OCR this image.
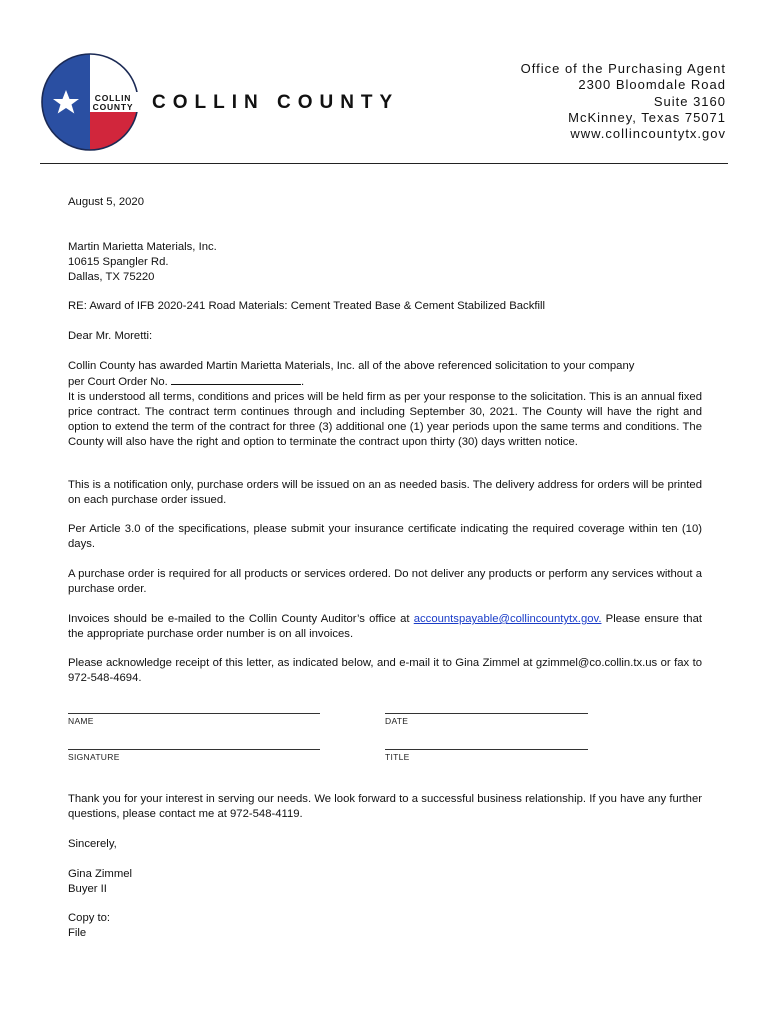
COLLIN
COUNTY COLLIN COUNTY
Office of the Purchasing Agent
2300 Bloomdale Road
Suite 3160
McKinney, Texas 75071
www.collincountytx.gov
August 5, 2020

Martin Marietta Materials, Inc.

10615 Spangler Rd.

Dallas, TX 75220

RE: Award of IFB 2020-241 Road Materials: Cement Treated Base & Cement Stabilized Backfill
Dear Mr. Moretti:

Collin County has awarded Martin Marietta Materials, Inc. all of the above referenced solicitation to your company

per Court Order No.	.

It is understood all terms, conditions and prices will be held firm as per your response to the solicitation. This is an annual fixed price contract. The contract term continues through and including September 30, 2021. The County will have the right and option to extend the term of the contract for three (3) additional one (1) year periods upon the same terms and conditions. The County will also have the right and option to terminate the contract upon thirty (30) days written notice.

This is a notification only, purchase orders will be issued on an as needed basis. The delivery address for orders will be printed on each purchase order issued.
Per Article 3.0 of the specifications, please submit your insurance certificate indicating the required coverage within ten (10) days.
A purchase order is required for all products or services ordered. Do not deliver any products or perform any services without a purchase order.
Invoices should be e-mailed to the Collin County Auditor’s office at accountspayable@collincountytx.gov. Please ensure that the appropriate purchase order number is on all invoices.
Please acknowledge receipt of this letter, as indicated below, and e-mail it to Gina Zimmel at gzimmel@co.collin.tx.us or fax to 972-548-4694.
NAME	DATE
SIGNATURE	TITLE
Thank you for your interest in serving our needs. We look forward to a successful business relationship. If you have any further questions, please contact me at 972-548-4119.
Sincerely,

Gina Zimmel

Buyer II

Copy to:

File
